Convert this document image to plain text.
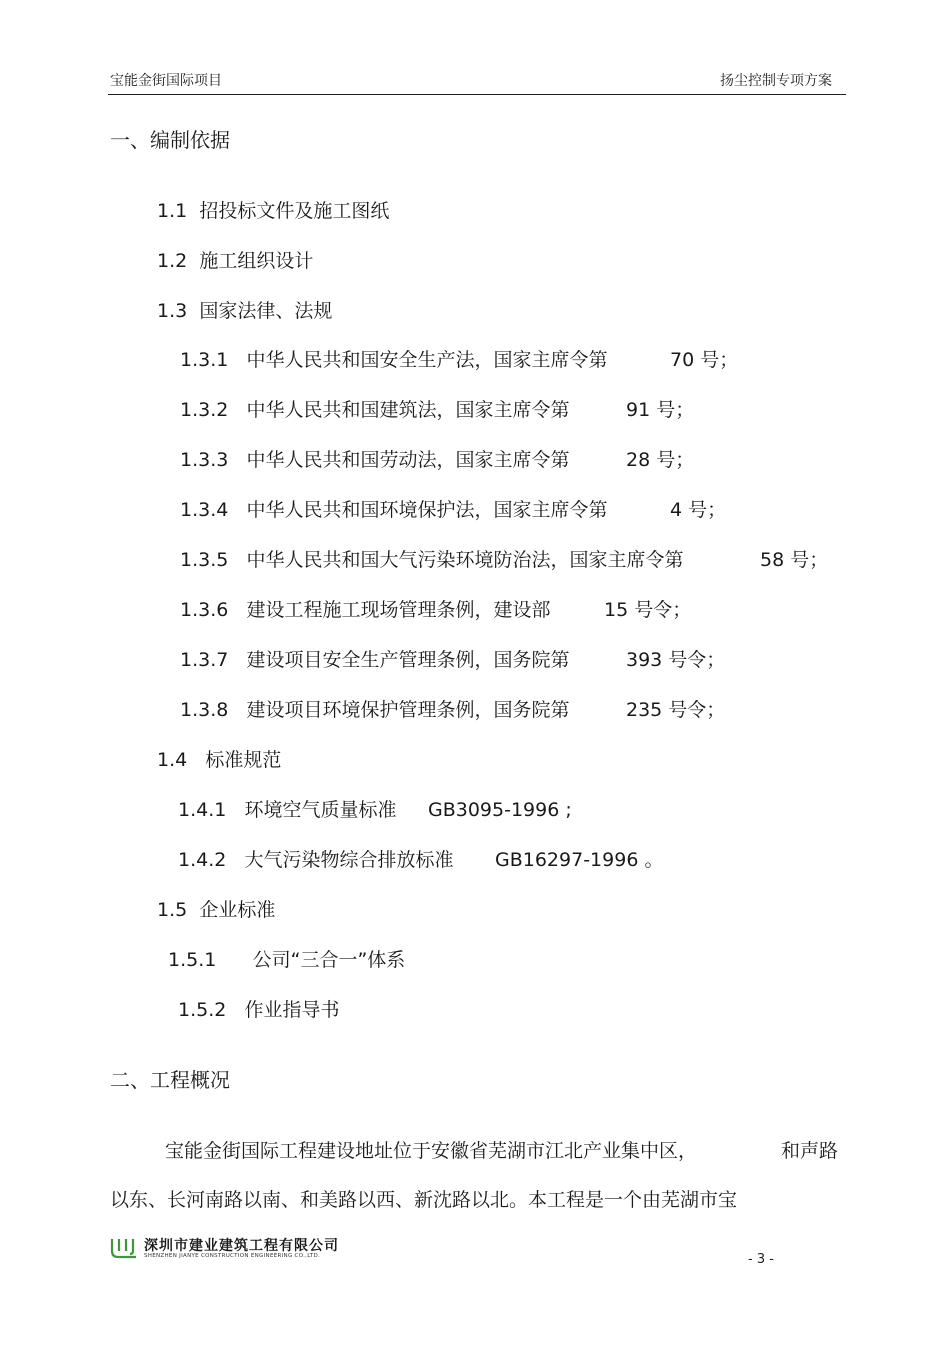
宝能金街国际项目	扬尘控制专项方案
一、编制依据
1.1 招投标文件及施工图纸
1.2 施工组织设计
1.3 国家法律、法规
1.3.1 中华人民共和国安全生产法，国家主席令第	70 号；
1.3.2 中华人民共和国建筑法，国家主席令第	91 号；
1.3.3 中华人民共和国劳动法，国家主席令第	28 号；
1.3.4 中华人民共和国环境保护法，国家主席令第	4 号；
1.3.5 中华人民共和国大气污染环境防治法，国家主席令第	58 号；
1.3.6 建设工程施工现场管理条例，建设部	15 号令；
1.3.7 建设项目安全生产管理条例，国务院第	393 号令；
1.3.8 建设项目环境保护管理条例，国务院第	235 号令；
1.4 标准规范
1.4.1 环境空气质量标准 GB3095-1996 ;
1.4.2 大气污染物综合排放标准 GB16297-1996 。
1.5 企业标准
1.5.1 公司“三合一”体系
1.5.2 作业指导书
二、工程概况
宝能金街国际工程建设地址位于安徽省芜湖市江北产业集中区，	和声路
以东、长河南路以南、和美路以西、新沈路以北。本工程是一个由芜湖市宝
深圳市建业建筑工程有限公司
SHENZHEN JIANYE CONSTRUCTION ENGINEERING CO.,LTD.	- 3 -
